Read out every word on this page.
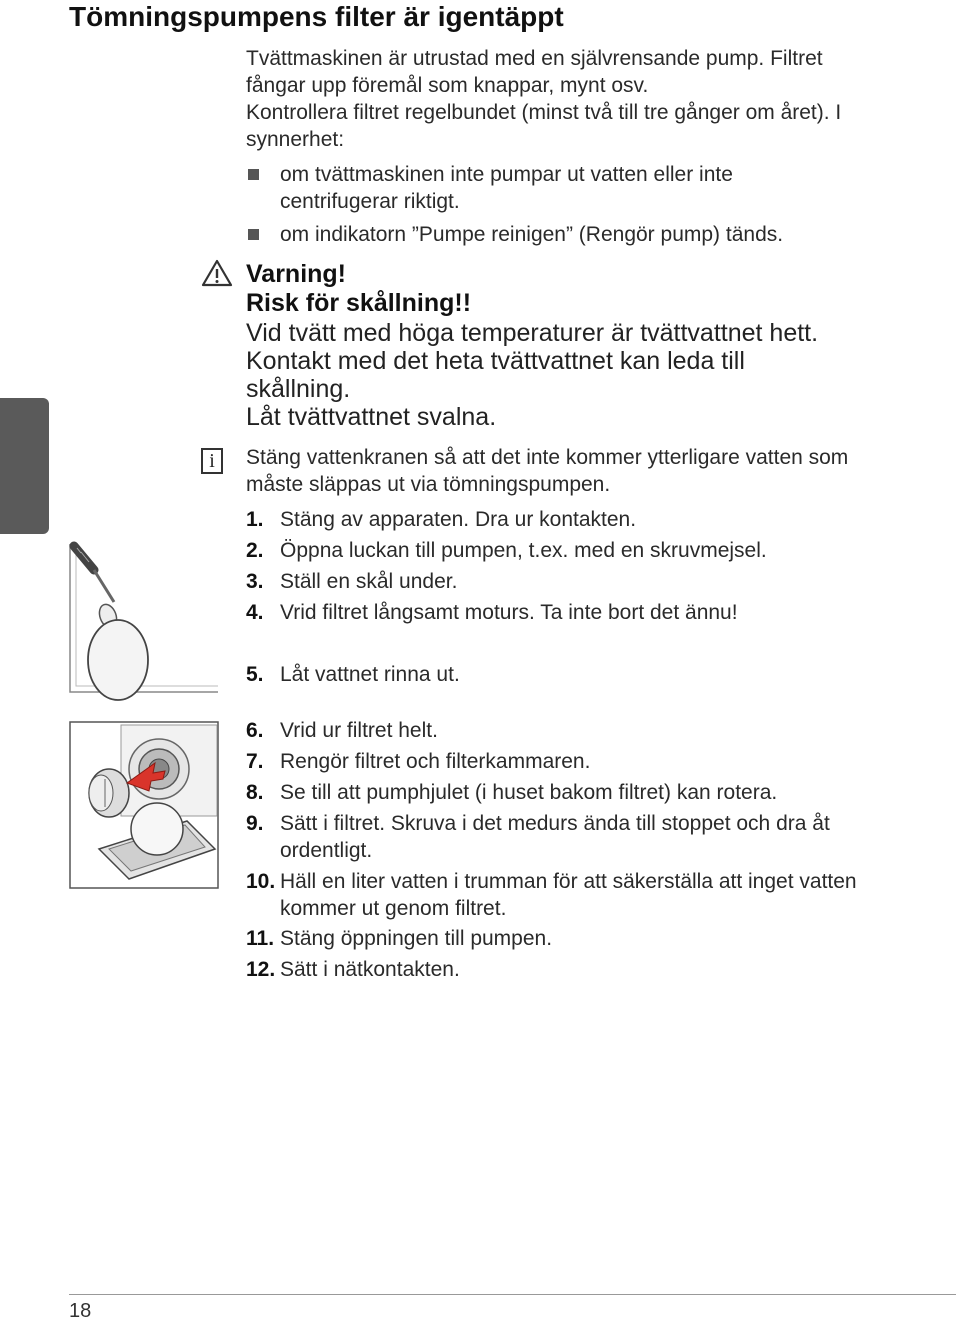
Tömningspumpens filter är igentäppt
Tvättmaskinen är utrustad med en självrensande pump. Filtret
fångar upp föremål som knappar, mynt osv.
Kontrollera filtret regelbundet (minst två till tre gånger om året). I
synnerhet:
om tvättmaskinen inte pumpar ut vatten eller inte
centrifugerar riktigt.
om indikatorn ”Pumpe reinigen” (Rengör pump) tänds.
Varning!
Risk för skållning!!
Vid tvätt med höga temperaturer är tvättvattnet hett.
Kontakt med det heta tvättvattnet kan leda till
skållning.
Låt tvättvattnet svalna.
i	Stäng vattenkranen så att det inte kommer ytterligare vatten som
måste släppas ut via tömningspumpen.
1. Stäng av apparaten. Dra ur kontakten.
2. Öppna luckan till pumpen, t.ex. med en skruvmejsel.
3. Ställ en skål under.
4. Vrid filtret långsamt moturs. Ta inte bort det ännu!
5. Låt vattnet rinna ut.
6. Vrid ur filtret helt.
7. Rengör filtret och filterkammaren.
8. Se till att pumphjulet (i huset bakom filtret) kan rotera.
9. Sätt i filtret. Skruva i det medurs ända till stoppet och dra åt
ordentligt.
10. Häll en liter vatten i trumman för att säkerställa att inget vatten
kommer ut genom filtret.
11. Stäng öppningen till pumpen.
12. Sätt i nätkontakten.
18
